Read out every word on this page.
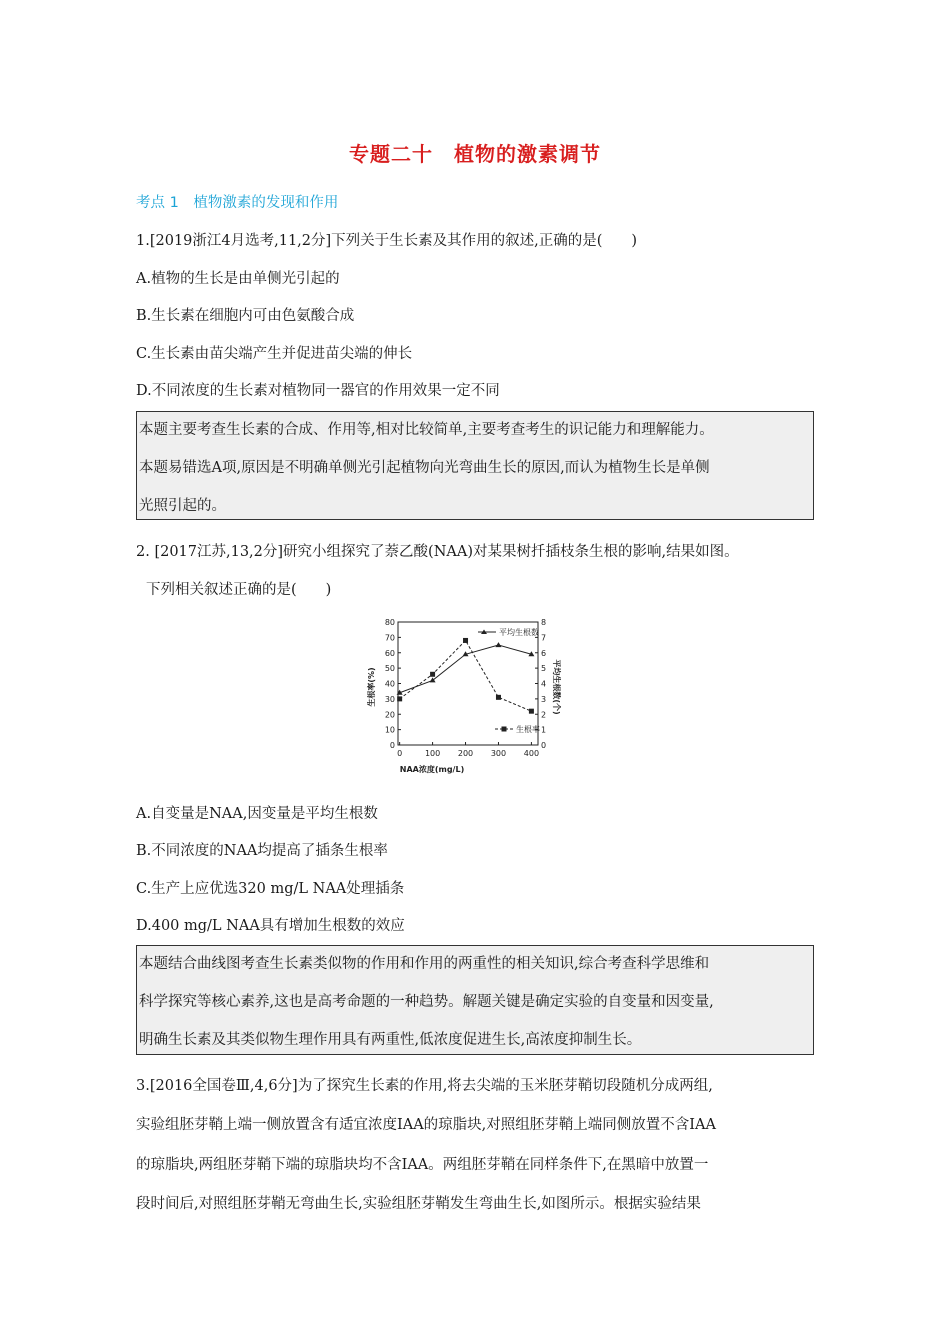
专题二十　植物的激素调节
考点 1　植物激素的发现和作用
1.[2019浙江4月选考,11,2分]下列关于生长素及其作用的叙述,正确的是(　　)
A.植物的生长是由单侧光引起的
B.生长素在细胞内可由色氨酸合成
C.生长素由苗尖端产生并促进苗尖端的伸长
D.不同浓度的生长素对植物同一器官的作用效果一定不同
本题主要考查生长素的合成、作用等,相对比较简单,主要考查考生的识记能力和理解能力。
本题易错选A项,原因是不明确单侧光引起植物向光弯曲生长的原因,而认为植物生长是单侧
光照引起的。
2. [2017江苏,13,2分]研究小组探究了萘乙酸(NAA)对某果树扦插枝条生根的影响,结果如图。
下列相关叙述正确的是(　　)
0
10
20
30
40
50
60
70
80
0
1
2
3
4
5
6
7
8
0	100 200 300 400
NAA浓度(mg/L)
生根率(%)	平均生根数(个)
平均生根数
生根率
A.自变量是NAA,因变量是平均生根数
B.不同浓度的NAA均提高了插条生根率
C.生产上应优选320 mg/L NAA处理插条
D.400 mg/L NAA具有增加生根数的效应
本题结合曲线图考查生长素类似物的作用和作用的两重性的相关知识,综合考查科学思维和
科学探究等核心素养,这也是高考命题的一种趋势。解题关键是确定实验的自变量和因变量,
明确生长素及其类似物生理作用具有两重性,低浓度促进生长,高浓度抑制生长。
3.[2016全国卷Ⅲ,4,6分]为了探究生长素的作用,将去尖端的玉米胚芽鞘切段随机分成两组,
实验组胚芽鞘上端一侧放置含有适宜浓度IAA的琼脂块,对照组胚芽鞘上端同侧放置不含IAA
的琼脂块,两组胚芽鞘下端的琼脂块均不含IAA。两组胚芽鞘在同样条件下,在黑暗中放置一
段时间后,对照组胚芽鞘无弯曲生长,实验组胚芽鞘发生弯曲生长,如图所示。根据实验结果
